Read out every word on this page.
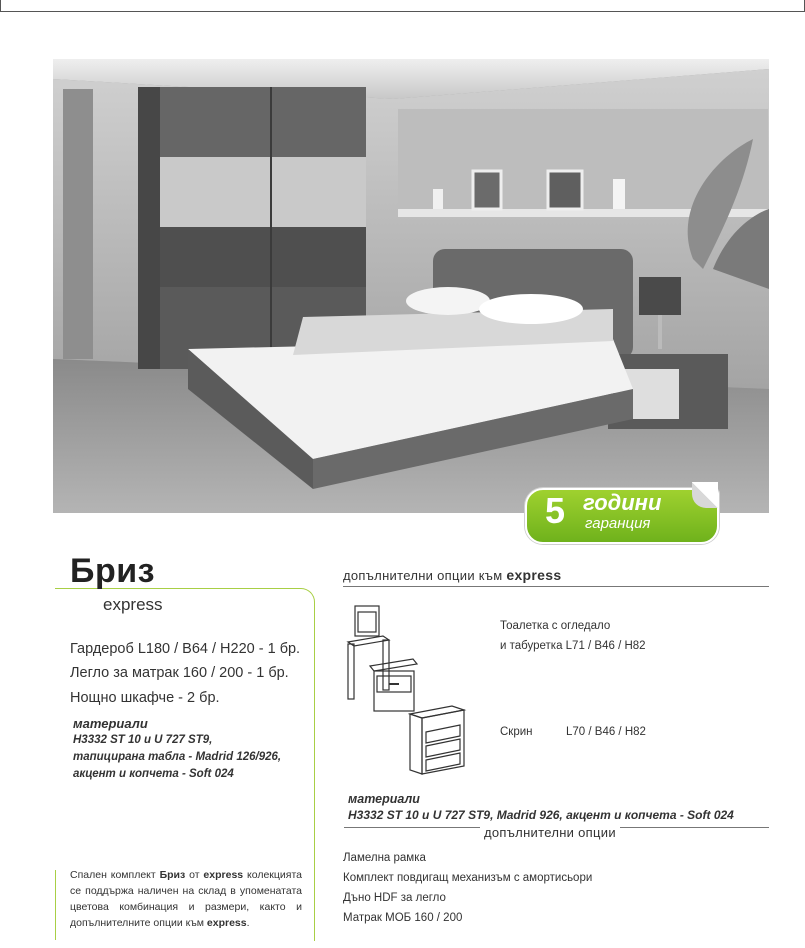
5 години
гаранция
Бриз
express
Гардероб L180 / B64 / H220 - 1 бр.
Легло за матрак 160 / 200 - 1 бр.
Нощно шкафче - 2 бр.
материали
H3332 ST 10 и U 727 ST9,
тапицирана табла - Madrid 126/926,
акцент и копчета - Soft 024
Спален комплект Бриз от express колекцията се поддържа наличен на склад в упоменатата цветова комбинация и размери, както и допълнителните опции към express.
допълнителни опции към express
Тоалетка с огледало
и табуретка L71 / B46 / H82
Скрин	L70 / B46 / H82
материали
H3332 ST 10 и U 727 ST9, Madrid 926, акцент и копчета - Soft 024
допълнителни опции
Ламелна рамка
Комплект повдигащ механизъм с амортисьори
Дъно HDF за легло
Матрак МОБ 160 / 200
